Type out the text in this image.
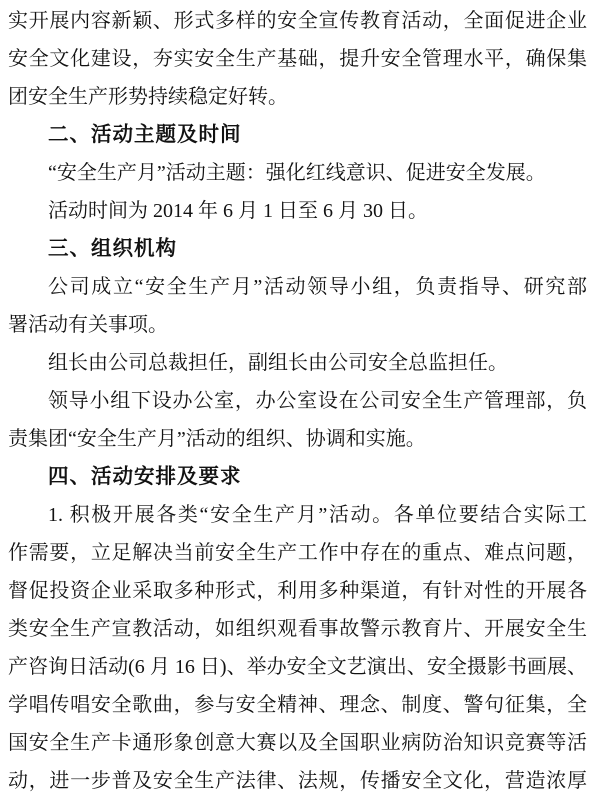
实开展内容新颖、形式多样的安全宣传教育活动，全面促进企业
安全文化建设，夯实安全生产基础，提升安全管理水平，确保集
团安全生产形势持续稳定好转。
二、活动主题及时间
“安全生产月”活动主题：强化红线意识、促进安全发展。
活动时间为 2014 年 6 月 1 日至 6 月 30 日。
三、组织机构
公司成立“安全生产月”活动领导小组，负责指导、研究部
署活动有关事项。
组长由公司总裁担任，副组长由公司安全总监担任。
领导小组下设办公室，办公室设在公司安全生产管理部，负
责集团“安全生产月”活动的组织、协调和实施。
四、活动安排及要求
1. 积极开展各类“安全生产月”活动。各单位要结合实际工
作需要，立足解决当前安全生产工作中存在的重点、难点问题，
督促投资企业采取多种形式，利用多种渠道，有针对性的开展各
类安全生产宣教活动，如组织观看事故警示教育片、开展安全生
产咨询日活动(6 月 16 日)、举办安全文艺演出、安全摄影书画展、
学唱传唱安全歌曲，参与安全精神、理念、制度、警句征集，全
国安全生产卡通形象创意大赛以及全国职业病防治知识竞赛等活
动，进一步普及安全生产法律、法规，传播安全文化，营造浓厚
